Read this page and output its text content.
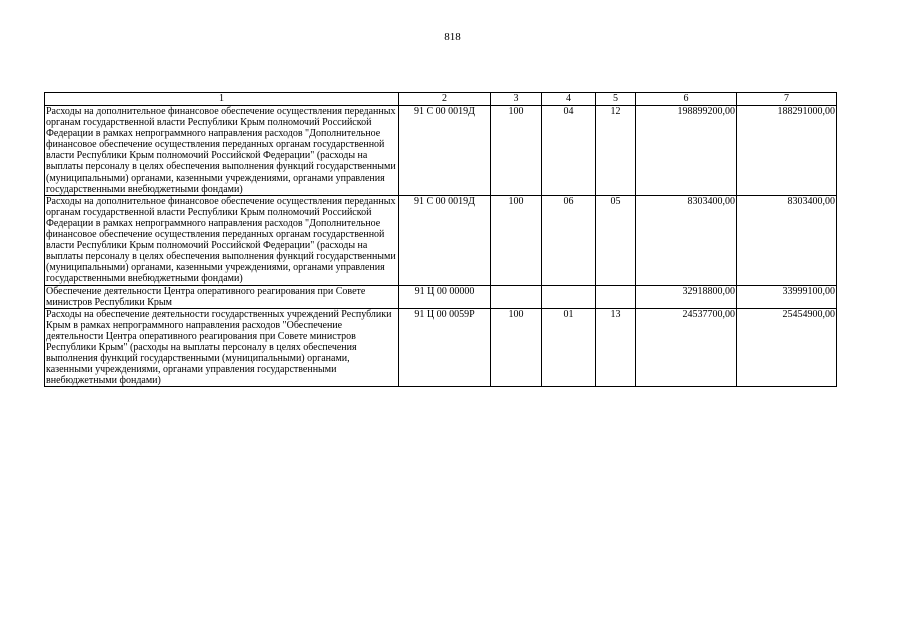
818
1	2	3	4	5	6	7
Расходы на дополнительное финансовое обеспечение осуществления переданных органам государственной власти Республики Крым полномочий Российской Федерации в рамках непрограммного направления расходов "Дополнительное финансовое обеспечение осуществления переданных органам государственной власти Республики Крым полномочий Российской Федерации" (расходы на выплаты персоналу в целях обеспечения выполнения функций государственными (муниципальными) органами, казенными учреждениями, органами управления государственными внебюджетными фондами)	91 С 00 0019Д	100	04	12	198899200,00	188291000,00
Расходы на дополнительное финансовое обеспечение осуществления переданных органам государственной власти Республики Крым полномочий Российской Федерации в рамках непрограммного направления расходов "Дополнительное финансовое обеспечение осуществления переданных органам государственной власти Республики Крым полномочий Российской Федерации" (расходы на выплаты персоналу в целях обеспечения выполнения функций государственными (муниципальными) органами, казенными учреждениями, органами управления государственными внебюджетными фондами)	91 С 00 0019Д	100	06	05	8303400,00	8303400,00
Обеспечение деятельности Центра оперативного реагирования при Совете министров Республики Крым	91 Ц 00 00000				32918800,00	33999100,00
Расходы на обеспечение деятельности государственных учреждений Республики Крым в рамках непрограммного направления расходов "Обеспечение деятельности Центра оперативного реагирования при Совете министров Республики Крым" (расходы на выплаты персоналу в целях обеспечения выполнения функций государственными (муниципальными) органами, казенными учреждениями, органами управления государственными внебюджетными фондами)	91 Ц 00 0059Р	100	01	13	24537700,00	25454900,00
